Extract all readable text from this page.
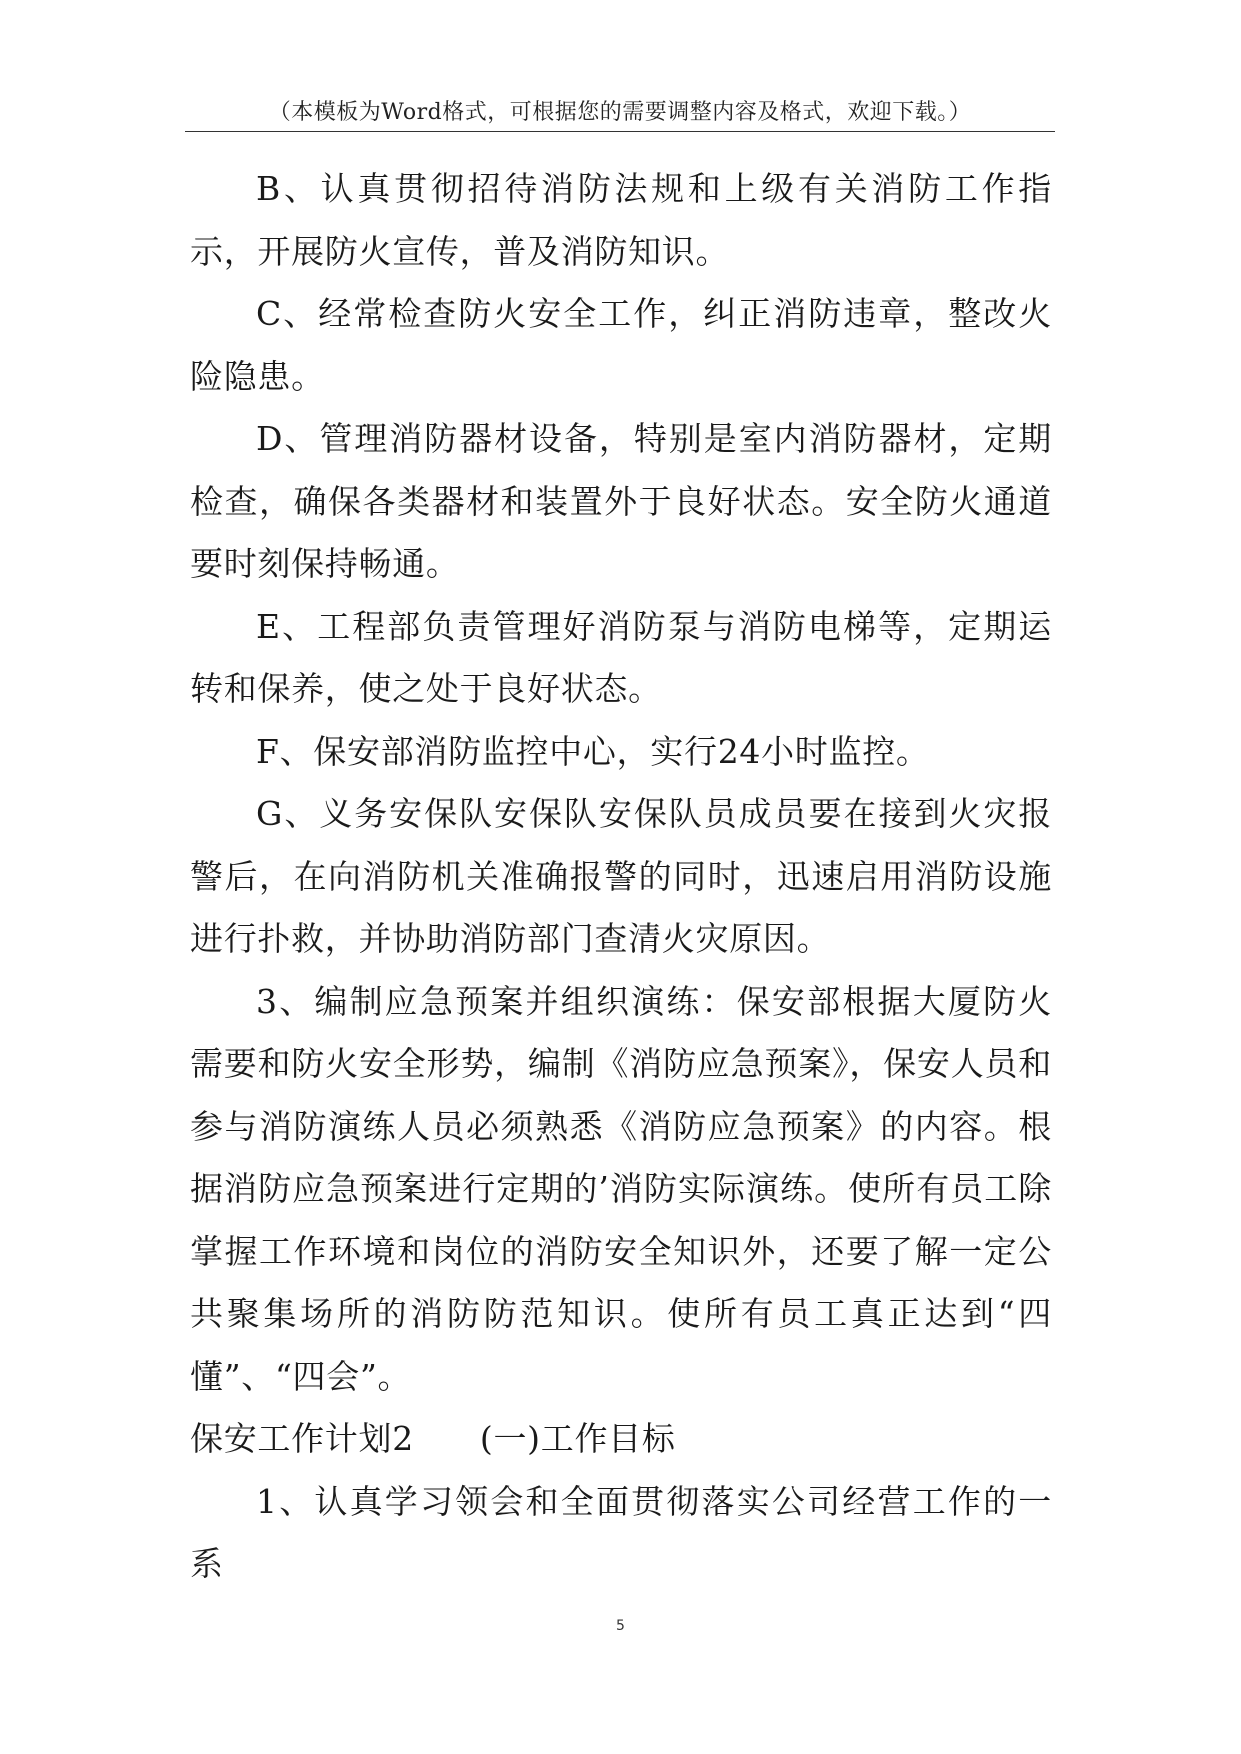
（本模板为Word格式，可根据您的需要调整内容及格式，欢迎下载。）

B、认真贯彻招待消防法规和上级有关消防工作指示，开展防火宣传，普及消防知识。

C、经常检查防火安全工作，纠正消防违章，整改火险隐患。

D、管理消防器材设备，特别是室内消防器材，定期检查，确保各类器材和装置外于良好状态。安全防火通道要时刻保持畅通。

E、工程部负责管理好消防泵与消防电梯等，定期运转和保养，使之处于良好状态。

F、保安部消防监控中心，实行24小时监控。

G、义务安保队安保队安保队员成员要在接到火灾报警后，在向消防机关准确报警的同时，迅速启用消防设施进行扑救，并协助消防部门查清火灾原因。

3、编制应急预案并组织演练：保安部根据大厦防火需要和防火安全形势，编制《消防应急预案》，保安人员和参与消防演练人员必须熟悉《消防应急预案》的内容。根据消防应急预案进行定期的’消防实际演练。使所有员工除掌握工作环境和岗位的消防安全知识外，还要了解一定公共聚集场所的消防防范知识。使所有员工真正达到“四懂”、“四会”。

保安工作计划2 (一)工作目标

1、认真学习领会和全面贯彻落实公司经营工作的一系

5
